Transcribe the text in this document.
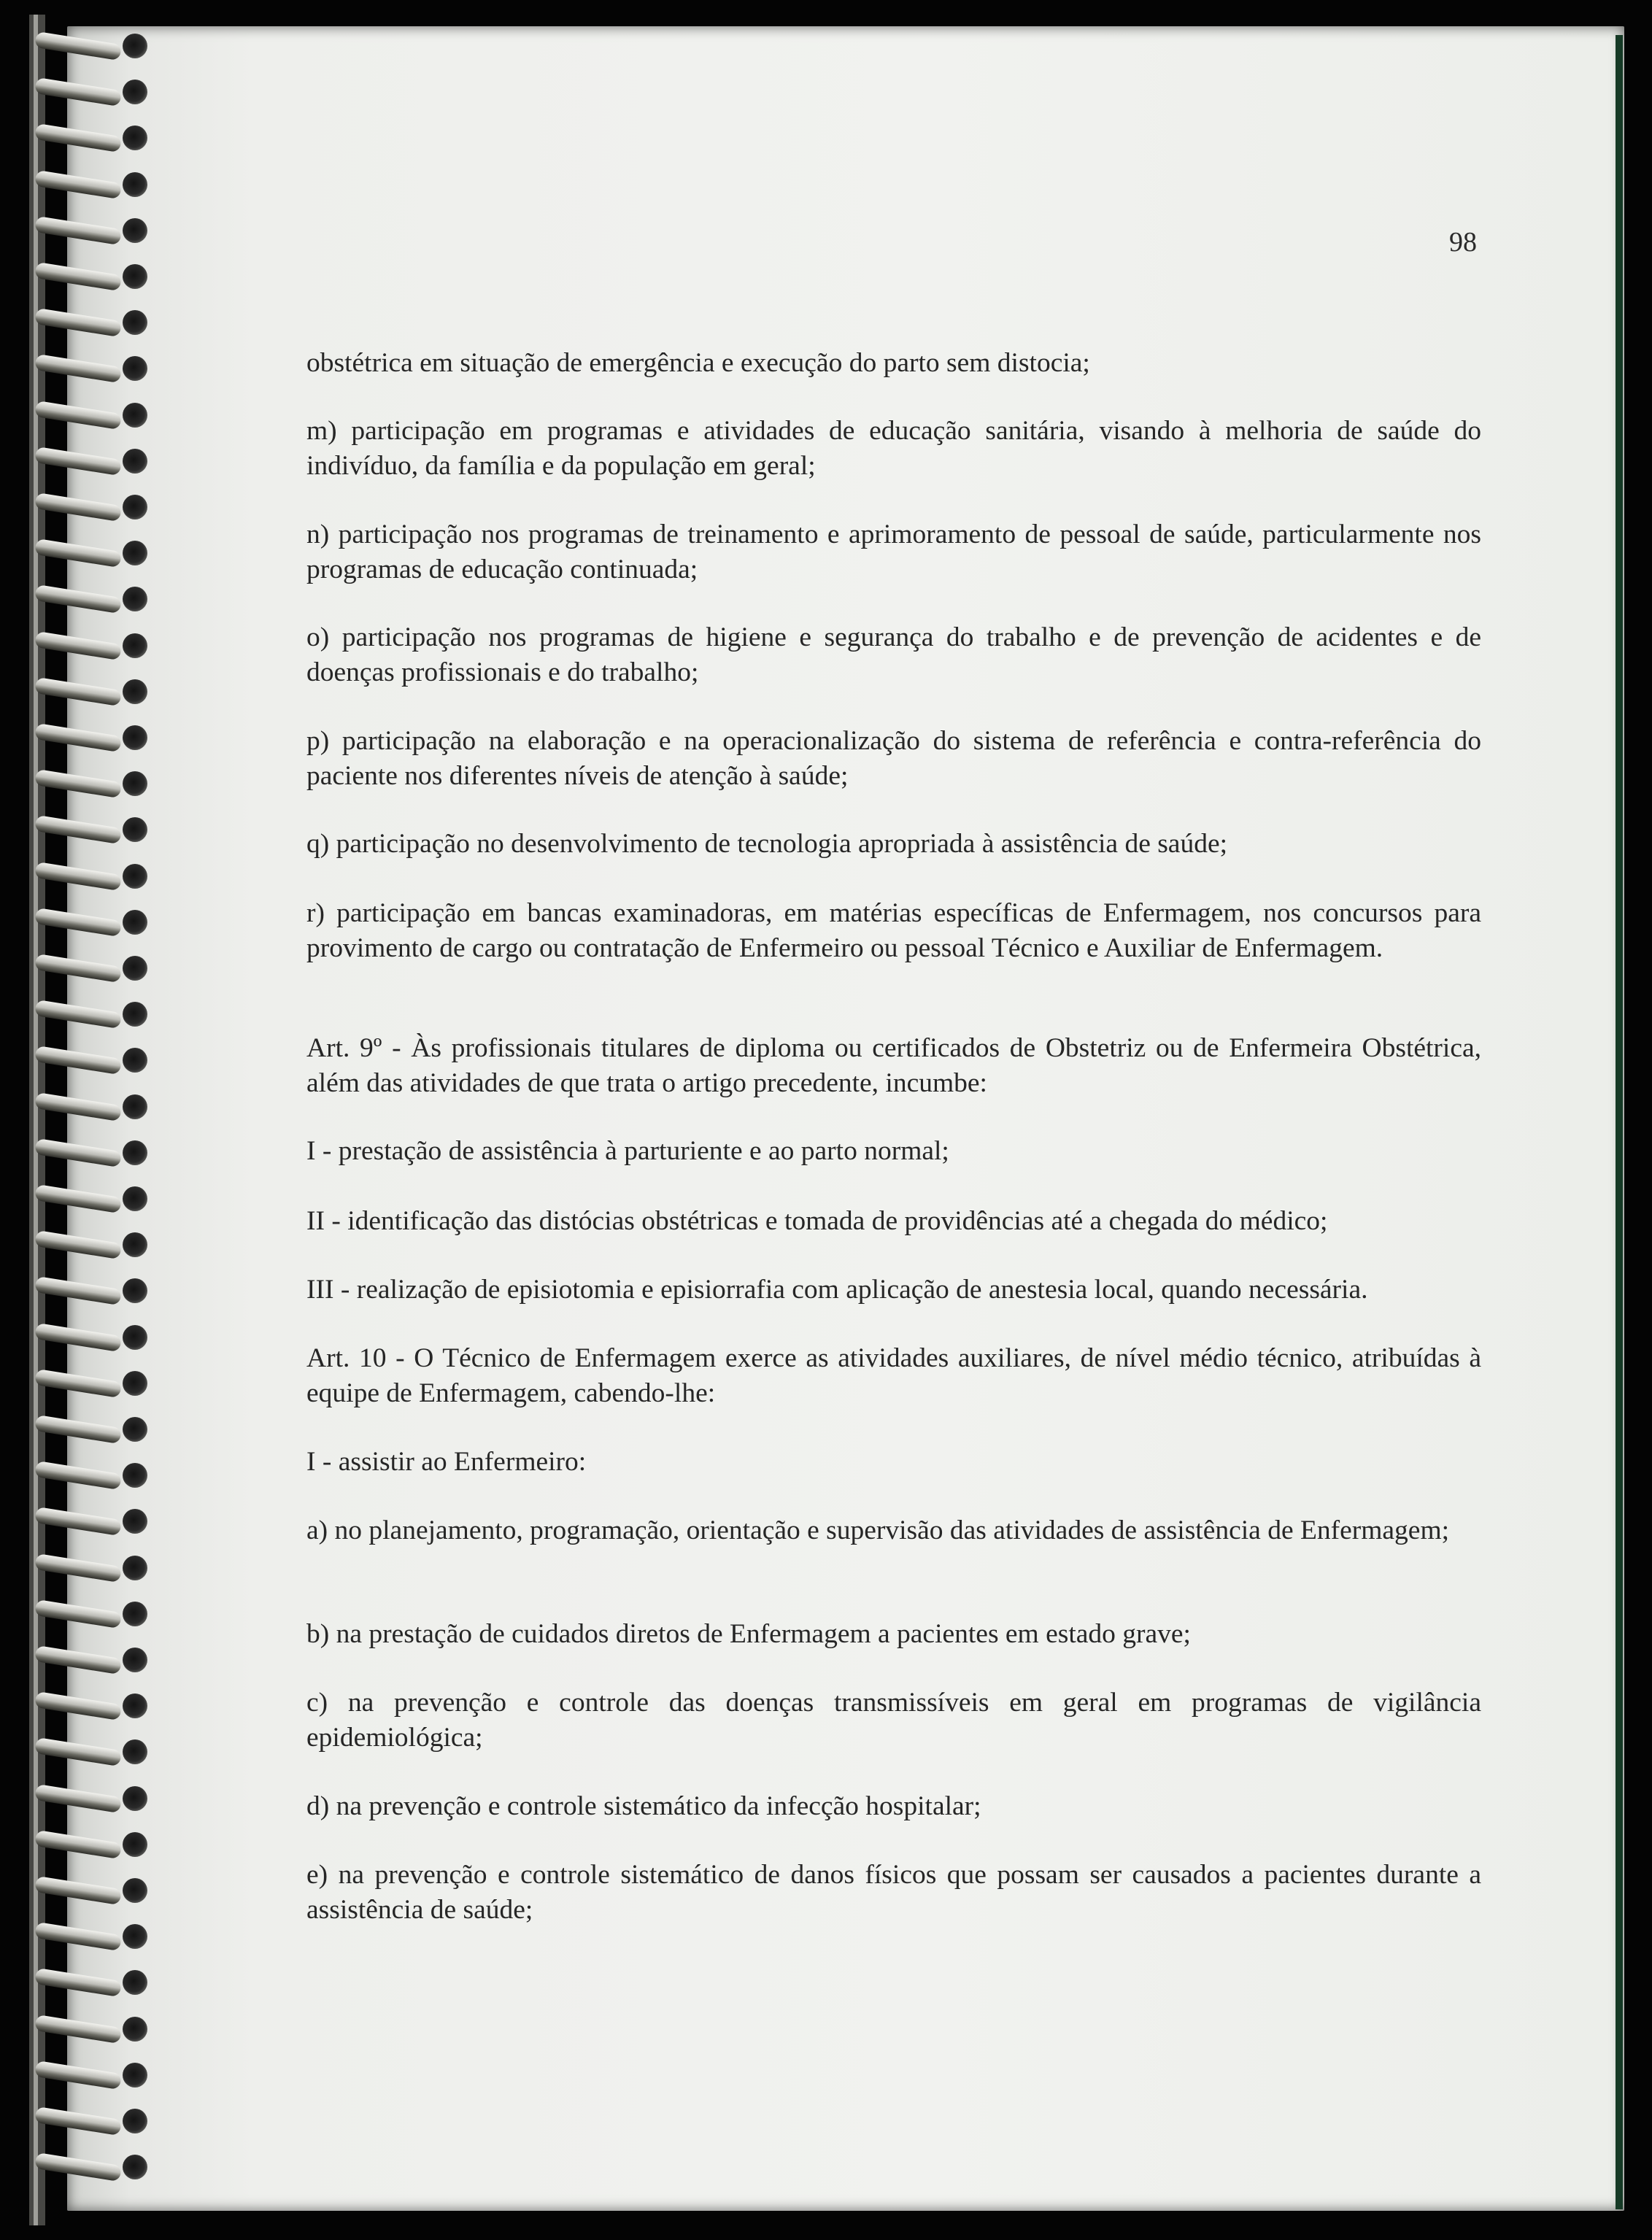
98

obstétrica em situação de emergência e execução do parto sem distocia;

m) participação em programas e atividades de educação sanitária, visando à melhoria de saúde do indivíduo, da família e da população em geral;

n) participação nos programas de treinamento e aprimoramento de pessoal de saúde, particularmente nos programas de educação continuada;

o) participação nos programas de higiene e segurança do trabalho e de prevenção de acidentes e de doenças profissionais e do trabalho;

p) participação na elaboração e na operacionalização do sistema de referência e contra-referência do paciente nos diferentes níveis de atenção à saúde;

q) participação no desenvolvimento de tecnologia apropriada à assistência de saúde;

r) participação em bancas examinadoras, em matérias específicas de Enfermagem, nos concursos para provimento de cargo ou contratação de Enfermeiro ou pessoal Técnico e Auxiliar de Enfermagem.

Art. 9º - Às profissionais titulares de diploma ou certificados de Obstetriz ou de Enfermeira Obstétrica, além das atividades de que trata o artigo precedente, incumbe:

I - prestação de assistência à parturiente e ao parto normal;

II - identificação das distócias obstétricas e tomada de providências até a chegada do médico;

III - realização de episiotomia e episiorrafia com aplicação de anestesia local, quando necessária.

Art. 10 - O Técnico de Enfermagem exerce as atividades auxiliares, de nível médio técnico, atribuídas à equipe de Enfermagem, cabendo-lhe:

I - assistir ao Enfermeiro:

a) no planejamento, programação, orientação e supervisão das atividades de assistência de Enfermagem;

b) na prestação de cuidados diretos de Enfermagem a pacientes em estado grave;

c) na prevenção e controle das doenças transmissíveis em geral em programas de vigilância epidemiológica;

d) na prevenção e controle sistemático da infecção hospitalar;

e) na prevenção e controle sistemático de danos físicos que possam ser causados a pacientes durante a assistência de saúde;
